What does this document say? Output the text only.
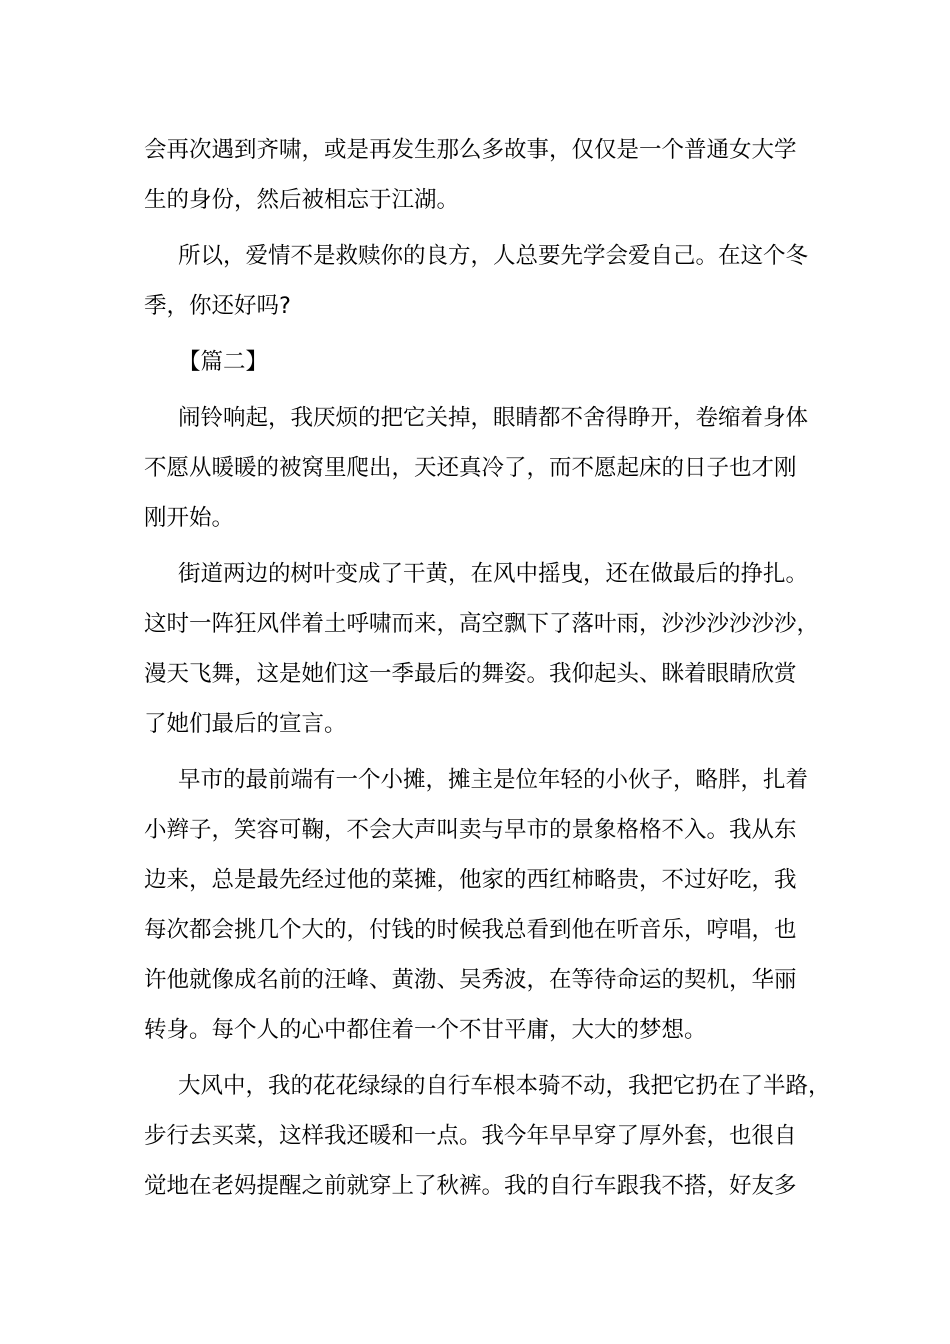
会再次遇到齐啸，或是再发生那么多故事，仅仅是一个普通女大学
生的身份，然后被相忘于江湖。
所以，爱情不是救赎你的良方，人总要先学会爱自己。在这个冬
季，你还好吗?
【篇二】
闹铃响起，我厌烦的把它关掉，眼睛都不舍得睁开，卷缩着身体
不愿从暖暖的被窝里爬出，天还真冷了，而不愿起床的日子也才刚
刚开始。
街道两边的树叶变成了干黄，在风中摇曳，还在做最后的挣扎。
这时一阵狂风伴着土呼啸而来，高空飘下了落叶雨，沙沙沙沙沙沙，
漫天飞舞，这是她们这一季最后的舞姿。我仰起头、眯着眼睛欣赏
了她们最后的宣言。
早市的最前端有一个小摊，摊主是位年轻的小伙子，略胖，扎着
小辫子，笑容可鞠，不会大声叫卖与早市的景象格格不入。我从东
边来，总是最先经过他的菜摊，他家的西红柿略贵，不过好吃，我
每次都会挑几个大的，付钱的时候我总看到他在听音乐，哼唱，也
许他就像成名前的汪峰、黄渤、吴秀波，在等待命运的契机，华丽
转身。每个人的心中都住着一个不甘平庸，大大的梦想。
大风中，我的花花绿绿的自行车根本骑不动，我把它扔在了半路，
步行去买菜，这样我还暖和一点。我今年早早穿了厚外套，也很自
觉地在老妈提醒之前就穿上了秋裤。我的自行车跟我不搭，好友多
